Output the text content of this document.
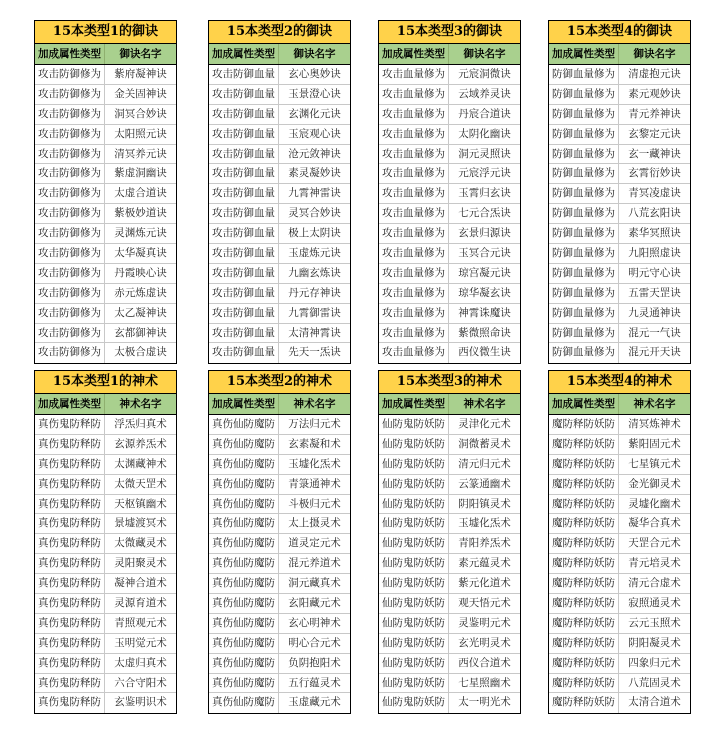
15本类型1的御诀
加成属性类型	御诀名字
攻击防御修为	紫府凝神诀
攻击防御修为	金关固神诀
攻击防御修为	洞冥合妙诀
攻击防御修为	太阳照元诀
攻击防御修为	清冥养元诀
攻击防御修为	紫虚洞幽诀
攻击防御修为	太虚合道诀
攻击防御修为	紫极妙道诀
攻击防御修为	灵渊炼元诀
攻击防御修为	太华凝真诀
攻击防御修为	丹霞映心诀
攻击防御修为	赤元炼虚诀
攻击防御修为	太乙凝神诀
攻击防御修为	玄都御神诀
攻击防御修为	太极合虚诀
15本类型2的御诀
加成属性类型	御诀名字
攻击防御血量	玄心奥妙诀
攻击防御血量	玉景澄心诀
攻击防御血量	玄渊化元诀
攻击防御血量	玉宸观心诀
攻击防御血量	沧元敛神诀
攻击防御血量	素灵凝妙诀
攻击防御血量	九霄神雷诀
攻击防御血量	灵冥合妙诀
攻击防御血量	极上太阴诀
攻击防御血量	玉虚炼元诀
攻击防御血量	九幽玄炼诀
攻击防御血量	丹元存神诀
攻击防御血量	九霄御雷诀
攻击防御血量	太清神霄诀
攻击防御血量	先天一炁诀
15本类型3的御诀
加成属性类型	御诀名字
攻击血量修为	元宸洞微诀
攻击血量修为	云域养灵诀
攻击血量修为	丹宸合道诀
攻击血量修为	太阴化幽诀
攻击血量修为	洞元灵照诀
攻击血量修为	元宸浮元诀
攻击血量修为	玉霄归玄诀
攻击血量修为	七元合炁诀
攻击血量修为	玄景归源诀
攻击血量修为	玉冥合元诀
攻击血量修为	琼宫凝元诀
攻击血量修为	琼华凝玄诀
攻击血量修为	神霄诛魔诀
攻击血量修为	紫微照命诀
攻击血量修为	西仪微生诀
15本类型4的御诀
加成属性类型	御诀名字
防御血量修为	清虚抱元诀
防御血量修为	素元观妙诀
防御血量修为	青元养神诀
防御血量修为	玄黎定元诀
防御血量修为	玄一藏神诀
防御血量修为	玄霄衍妙诀
防御血量修为	青冥凌虚诀
防御血量修为	八荒玄阳诀
防御血量修为	素华冥照诀
防御血量修为	九阳照虚诀
防御血量修为	明元守心诀
防御血量修为	五雷天罡诀
防御血量修为	九灵通神诀
防御血量修为	混元一气诀
防御血量修为	混元开天诀
15本类型1的神术
加成属性类型	神术名字
真伤鬼防释防	浮炁归真术
真伤鬼防释防	玄源养炁术
真伤鬼防释防	太渊藏神术
真伤鬼防释防	太微天罡术
真伤鬼防释防	天枢镇幽术
真伤鬼防释防	景墟渡冥术
真伤鬼防释防	太微藏灵术
真伤鬼防释防	灵阳聚灵术
真伤鬼防释防	凝神合道术
真伤鬼防释防	灵源育道术
真伤鬼防释防	青照观元术
真伤鬼防释防	玉明觉元术
真伤鬼防释防	太虚归真术
真伤鬼防释防	六合守阳术
真伤鬼防释防	玄鉴明识术
15本类型2的神术
加成属性类型	神术名字
真伤仙防魔防	万法归元术
真伤仙防魔防	玄素凝和术
真伤仙防魔防	玉墟化炁术
真伤仙防魔防	青箓通神术
真伤仙防魔防	斗极归元术
真伤仙防魔防	太上摄灵术
真伤仙防魔防	道灵定元术
真伤仙防魔防	混元养道术
真伤仙防魔防	洞元藏真术
真伤仙防魔防	玄阳藏元术
真伤仙防魔防	玄心明神术
真伤仙防魔防	明心合元术
真伤仙防魔防	负阴抱阳术
真伤仙防魔防	五行蕴灵术
真伤仙防魔防	玉虚藏元术
15本类型3的神术
加成属性类型	神术名字
仙防鬼防妖防	灵津化元术
仙防鬼防妖防	洞微蓄灵术
仙防鬼防妖防	清元归元术
仙防鬼防妖防	云篆通幽术
仙防鬼防妖防	阴阳镇灵术
仙防鬼防妖防	玉墟化炁术
仙防鬼防妖防	青阳养炁术
仙防鬼防妖防	素元蕴灵术
仙防鬼防妖防	紫元化道术
仙防鬼防妖防	观天悟元术
仙防鬼防妖防	灵鉴明元术
仙防鬼防妖防	玄光明灵术
仙防鬼防妖防	西仪合道术
仙防鬼防妖防	七星照幽术
仙防鬼防妖防	太一明光术
15本类型4的神术
加成属性类型	神术名字
魔防释防妖防	清冥炼神术
魔防释防妖防	紫阳固元术
魔防释防妖防	七星镇元术
魔防释防妖防	金光御灵术
魔防释防妖防	灵墟化幽术
魔防释防妖防	凝华合真术
魔防释防妖防	天罡合元术
魔防释防妖防	青元培灵术
魔防释防妖防	清元合虚术
魔防释防妖防	寂照通灵术
魔防释防妖防	云元玉照术
魔防释防妖防	阴阳凝灵术
魔防释防妖防	四象归元术
魔防释防妖防	八荒固灵术
魔防释防妖防	太清合道术
